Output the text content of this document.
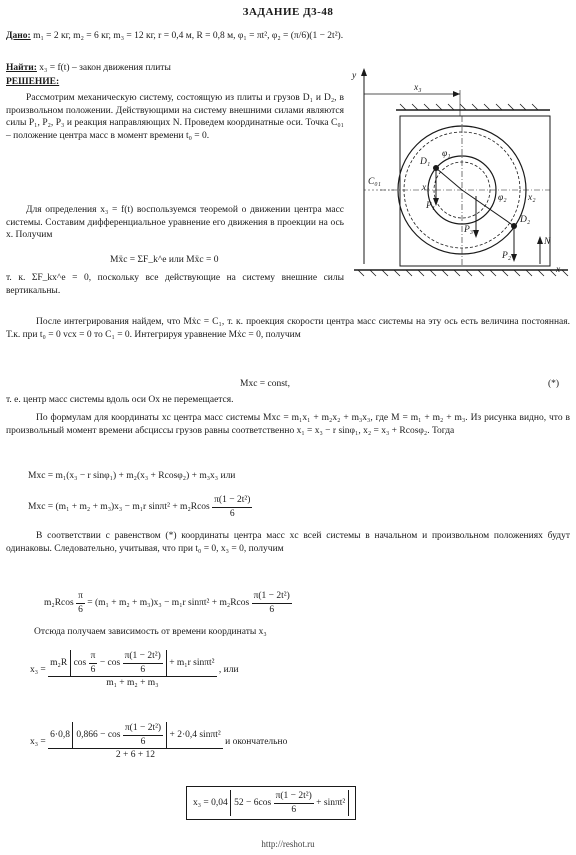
ЗАДАНИЕ Д3-48
Дано: m₁ = 2 кг, m₂ = 6 кг, m₃ = 12 кг, r = 0,4 м, R = 0,8 м, φ₁ = πt², φ₂ = (π/6)(1 − 2t²).
Найти: x₃ = f(t) – закон движения плиты
РЕШЕНИЕ:
Рассмотрим механическую систему, состоящую из плиты и грузов D₁ и D₂, в произвольном положении. Действующими на систему внешними силами являются силы P₁, P₂, P₃ и реакция направляющих N. Проведем координатные оси. Точка C₀₁ – положение центра масс в момент времени t₀ = 0.
Для определения x₃ = f(t) воспользуемся теоремой о движении центра масс системы. Составим дифференциальное уравнение его движения в проекции на ось x. Получим
Mẍc = ΣF_k^e или Mẍc = 0
т. к. ΣF_kx^e = 0, поскольку все действующие на систему внешние силы вертикальны.
y
x₃
C₀₁
D₁
D₂
φ₁
φ₂
P₁
P₃
P₂
N
x₁
x₂
x
После интегрирования найдем, что Mẋc = C₁, т. к. проекция скорости центра масс системы на эту ось есть величина постоянная. Т.к. при t₀ = 0 vcx = 0 то C₁ = 0. Интегрируя уравнение Mẋc = 0, получим
Mxc = const,	(*)
т. е. центр масс системы вдоль оси Ox не перемещается.
По формулам для координаты xc центра масс системы Mxc = m₁x₁ + m₂x₂ + m₃x₃, где M = m₁ + m₂ + m₃. Из рисунка видно, что в произвольный момент времени абсциссы грузов равны соответственно x₁ = x₃ − r sinφ₁, x₂ = x₃ + Rcosφ₂. Тогда
Mxc = m₁(x₃ − r sinφ₁) + m₂(x₃ + Rcosφ₂) + m₃x₃ или
Mxc = (m₁ + m₂ + m₃)x₃ − m₁r $\sin\pi t^2 + m_2Rcos \frac{\text{π(1 − 2t²)}}{6}$
В соответствии с равенством (*) координаты центра масс xc всей системы в начальном и произвольном положениях будут одинаковы. Следовательно, учитывая, что при t₀ = 0, x₃ = 0, получим
$m_2Rcos \frac{\pi}{6} = (m_1 + m_2 + m_3)x_3 - m_1r$ $\sin\pi t^2 + m_2Rcos \frac{\text{π(1 − 2t²)}}{6}$
Отсюда получаем зависимость от времени координаты x₃
x₃ =
m₂R $\cos \frac{\pi}{6} - \cos \frac{\text{π(1 − 2t²)}}{6} + m_1r$ sinπt²
m₁ + m₂ + m₃
, или
x₃ =
6·0,8 $0,866 - \cos \frac{\text{π(1 − 2t²)}}{6} + 2\cdot 0,4$ sinπt²
2 + 6 + 12
и окончательно
x₃ = 0,04 $52 - 6\cos \frac{\text{π(1 − 2t²)}}{6} + \sin\pi t^2$
http://reshot.ru
